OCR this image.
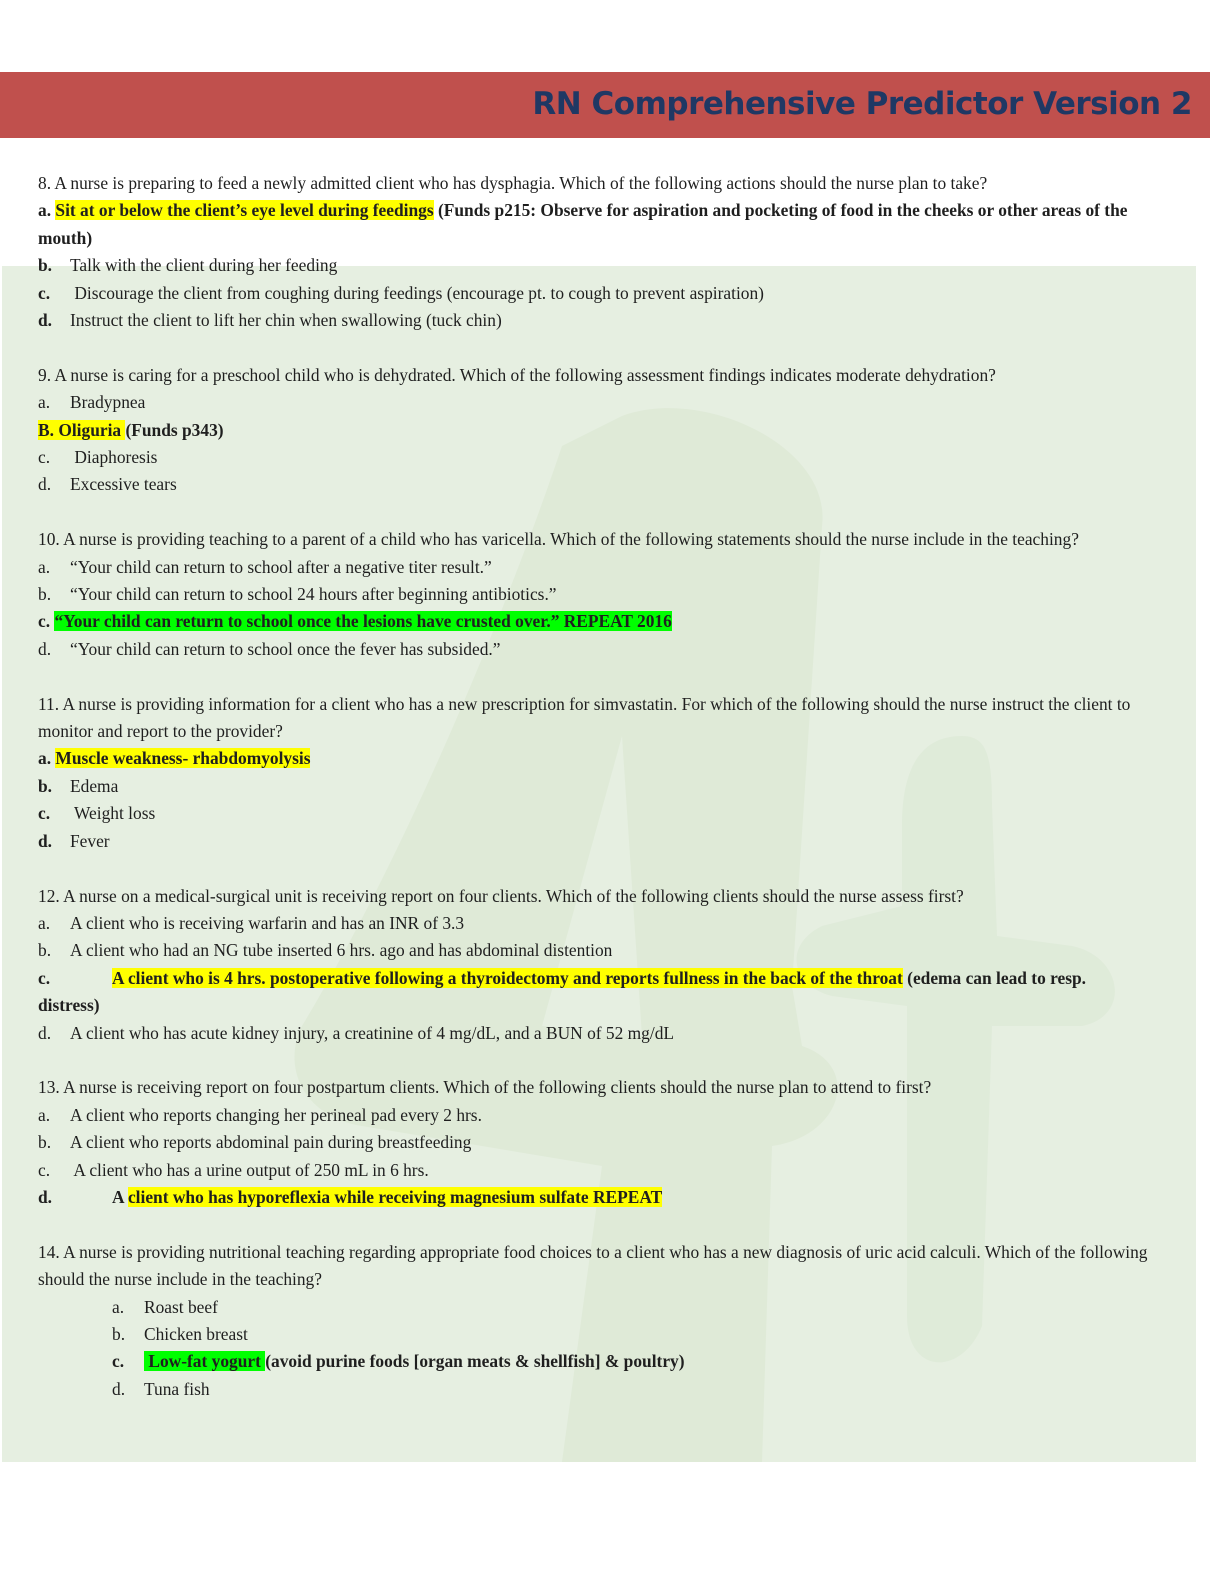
RN Comprehensive Predictor Version 2
8. A nurse is preparing to feed a newly admitted client who has dysphagia. Which of the following actions should the nurse plan to take?
a. Sit at or below the client’s eye level during feedings (Funds p215: Observe for aspiration and pocketing of food in the cheeks or other areas of the mouth)
b. Talk with the client during her feeding
c. Discourage the client from coughing during feedings (encourage pt. to cough to prevent aspiration)
d. Instruct the client to lift her chin when swallowing (tuck chin)
9. A nurse is caring for a preschool child who is dehydrated. Which of the following assessment findings indicates moderate dehydration?
a. Bradypnea
B. Oliguria (Funds p343)
c. Diaphoresis
d. Excessive tears
10. A nurse is providing teaching to a parent of a child who has varicella. Which of the following statements should the nurse include in the teaching?
a. “Your child can return to school after a negative titer result.”
b. “Your child can return to school 24 hours after beginning antibiotics.”
c. “Your child can return to school once the lesions have crusted over.” REPEAT 2016
d. “Your child can return to school once the fever has subsided.”
11. A nurse is providing information for a client who has a new prescription for simvastatin. For which of the following should the nurse instruct the client to monitor and report to the provider?
a. Muscle weakness- rhabdomyolysis
b. Edema
c. Weight loss
d. Fever
12. A nurse on a medical-surgical unit is receiving report on four clients. Which of the following clients should the nurse assess first?
a. A client who is receiving warfarin and has an INR of 3.3
b. A client who had an NG tube inserted 6 hrs. ago and has abdominal distention
c.	A client who is 4 hrs. postoperative following a thyroidectomy and reports fullness in the back of the throat (edema can lead to resp. distress)
d. A client who has acute kidney injury, a creatinine of 4 mg/dL, and a BUN of 52 mg/dL
13. A nurse is receiving report on four postpartum clients. Which of the following clients should the nurse plan to attend to first?
a. A client who reports changing her perineal pad every 2 hrs.
b. A client who reports abdominal pain during breastfeeding
c. A client who has a urine output of 250 mL in 6 hrs.
d.	A client who has hyporeflexia while receiving magnesium sulfate REPEAT
14. A nurse is providing nutritional teaching regarding appropriate food choices to a client who has a new diagnosis of uric acid calculi. Which of the following should the nurse include in the teaching?
a. Roast beef
b. Chicken breast
c. Low-fat yogurt (avoid purine foods [organ meats & shellfish] & poultry)
d. Tuna fish
